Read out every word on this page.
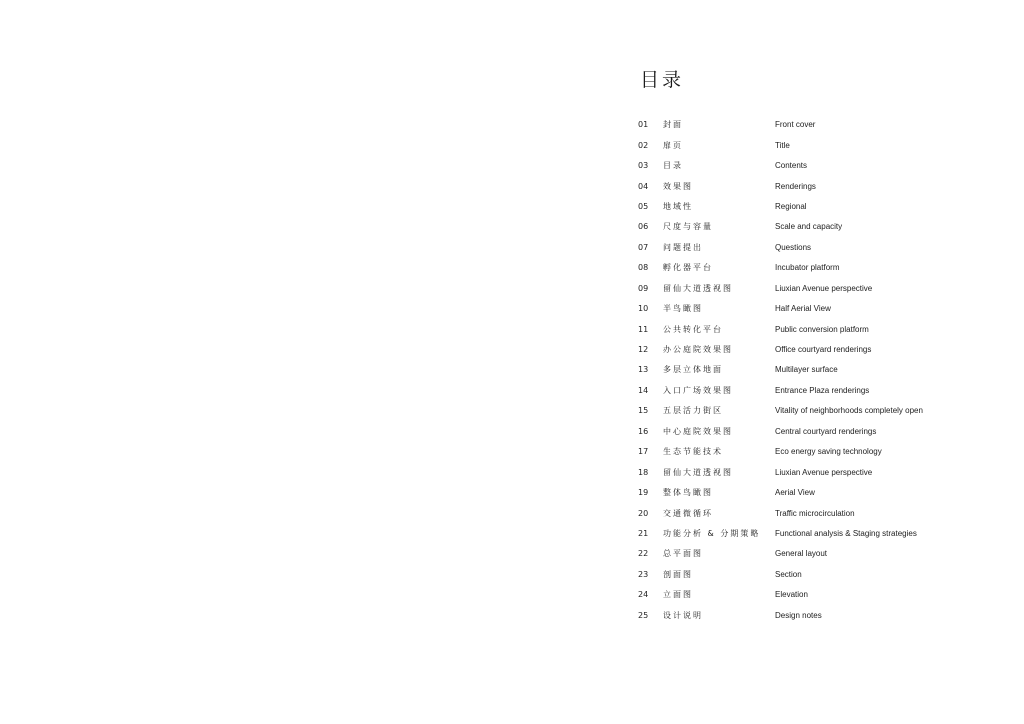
目录
01	封面	Front cover
02	扉页	Title
03	目录	Contents
04	效果图	Renderings
05	地域性	Regional
06	尺度与容量	Scale and capacity
07	问题提出	Questions
08	孵化器平台	Incubator platform
09	留仙大道透视图	Liuxian Avenue perspective
10	半鸟瞰图	Half Aerial View
11	公共转化平台	Public conversion platform
12	办公庭院效果图	Office courtyard renderings
13	多层立体地面	Multilayer surface
14	入口广场效果图	Entrance Plaza renderings
15	五层活力街区	Vitality of neighborhoods completely open
16	中心庭院效果图	Central courtyard renderings
17	生态节能技术	Eco energy saving technology
18	留仙大道透视图	Liuxian Avenue perspective
19	整体鸟瞰图	Aerial View
20	交通微循环	Traffic microcirculation
21	功能分析 & 分期策略	Functional analysis & Staging strategies
22	总平面图	General layout
23	剖面图	Section
24	立面图	Elevation
25	设计说明	Design notes
